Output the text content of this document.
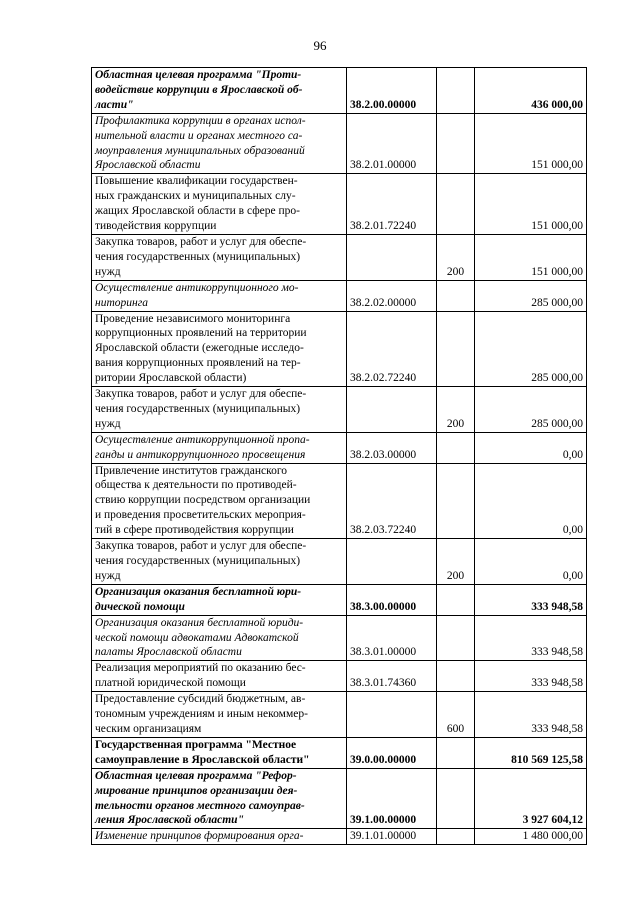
96
Областная целевая программа "Проти-
водействие коррупции в Ярославской об-
ласти"	38.2.00.00000		436 000,00
Профилактика коррупции в органах испол-
нительной власти и органах местного са-
моуправления муниципальных образований
Ярославской области	38.2.01.00000		151 000,00
Повышение квалификации государствен-
ных гражданских и муниципальных слу-
жащих Ярославской области в сфере про-
тиводействия коррупции	38.2.01.72240		151 000,00
Закупка товаров, работ и услуг для обеспе-
чения государственных (муниципальных)
нужд		200	151 000,00
Осуществление антикоррупционного мо-
ниторинга	38.2.02.00000		285 000,00
Проведение независимого мониторинга
коррупционных проявлений на территории
Ярославской области (ежегодные исследо-
вания коррупционных проявлений на тер-
ритории Ярославской области)	38.2.02.72240		285 000,00
Закупка товаров, работ и услуг для обеспе-
чения государственных (муниципальных)
нужд		200	285 000,00
Осуществление антикоррупционной пропа-
ганды и антикоррупционного просвещения	38.2.03.00000		0,00
Привлечение институтов гражданского
общества к деятельности по противодей-
ствию коррупции посредством организации
и проведения просветительских мероприя-
тий в сфере противодействия коррупции	38.2.03.72240		0,00
Закупка товаров, работ и услуг для обеспе-
чения государственных (муниципальных)
нужд		200	0,00
Организация оказания бесплатной юри-
дической помощи	38.3.00.00000		333 948,58
Организация оказания бесплатной юриди-
ческой помощи адвокатами Адвокатской
палаты Ярославской области	38.3.01.00000		333 948,58
Реализация мероприятий по оказанию бес-
платной юридической помощи	38.3.01.74360		333 948,58
Предоставление субсидий бюджетным, ав-
тономным учреждениям и иным некоммер-
ческим организациям		600	333 948,58
Государственная программа "Местное
самоуправление в Ярославской области"	39.0.00.00000		810 569 125,58
Областная целевая программа "Рефор-
мирование принципов организации дея-
тельности органов местного самоуправ-
ления Ярославской области"	39.1.00.00000		3 927 604,12
Изменение принципов формирования орга-	39.1.01.00000		1 480 000,00
